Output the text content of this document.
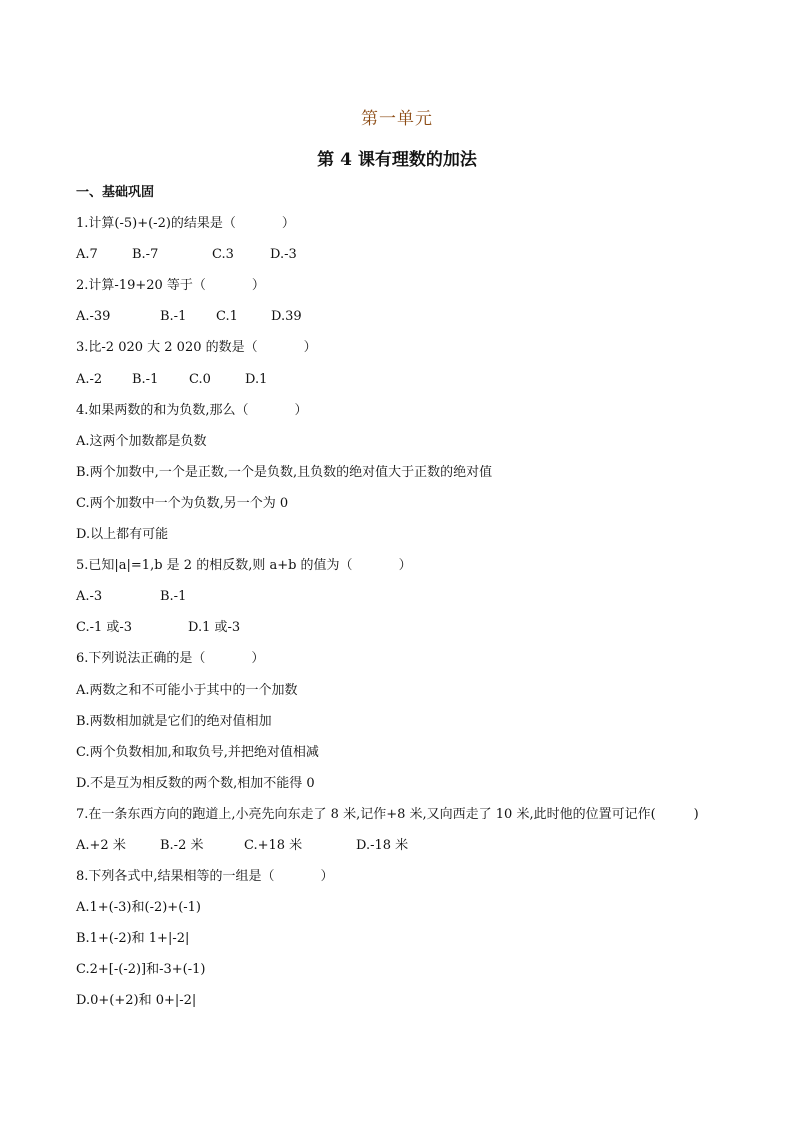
第一单元
第 4 课有理数的加法
一、基础巩固
1.计算(-5)+(-2)的结果是（	）
A.7	B.-7	C.3	D.-3
2.计算-19+20 等于（	）
A.-39	B.-1	C.1	D.39
3.比-2 020 大 2 020 的数是（	）
A.-2	B.-1	C.0	D.1
4.如果两数的和为负数,那么（	）
A.这两个加数都是负数
B.两个加数中,一个是正数,一个是负数,且负数的绝对值大于正数的绝对值
C.两个加数中一个为负数,另一个为 0
D.以上都有可能
5.已知|a|=1,b 是 2 的相反数,则 a+b 的值为（	）
A.-3	B.-1
C.-1 或-3	D.1 或-3
6.下列说法正确的是（	）
A.两数之和不可能小于其中的一个加数
B.两数相加就是它们的绝对值相加
C.两个负数相加,和取负号,并把绝对值相减
D.不是互为相反数的两个数,相加不能得 0
7.在一条东西方向的跑道上,小亮先向东走了 8 米,记作+8 米,又向西走了 10 米,此时他的位置可记作(	)
A.+2 米	B.-2 米	C.+18 米	D.-18 米
8.下列各式中,结果相等的一组是（	）
A.1+(-3)和(-2)+(-1)
B.1+(-2)和 1+|-2|
C.2+[-(-2)]和-3+(-1)
D.0+(+2)和 0+|-2|
